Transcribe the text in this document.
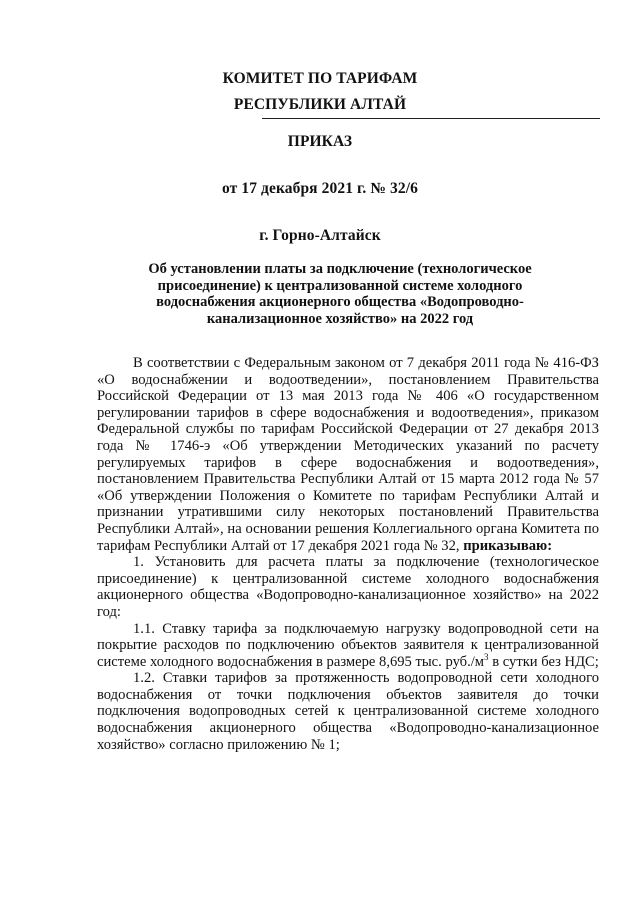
КОМИТЕТ ПО ТАРИФАМ
РЕСПУБЛИКИ АЛТАЙ
ПРИКАЗ
от 17 декабря 2021 г. № 32/6
г. Горно-Алтайск
Об установлении платы за подключение (технологическое присоединение) к централизованной системе холодного водоснабжения акционерного общества «Водопроводно-канализационное хозяйство» на 2022 год

В соответствии с Федеральным законом от 7 декабря 2011 года № 416-ФЗ «О водоснабжении и водоотведении», постановлением Правительства Российской Федерации от 13 мая 2013 года № 406 «О государственном регулировании тарифов в сфере водоснабжения и водоотведения», приказом Федеральной службы по тарифам Российской Федерации от 27 декабря 2013 года № 1746-э «Об утверждении Методических указаний по расчету регулируемых тарифов в сфере водоснабжения и водоотведения», постановлением Правительства Республики Алтай от 15 марта 2012 года № 57 «Об утверждении Положения о Комитете по тарифам Республики Алтай и признании утратившими силу некоторых постановлений Правительства Республики Алтай», на основании решения Коллегиального органа Комитета по тарифам Республики Алтай от 17 декабря 2021 года № 32, приказываю:

1. Установить для расчета платы за подключение (технологическое присоединение) к централизованной системе холодного водоснабжения акционерного общества «Водопроводно-канализационное хозяйство» на 2022 год:

1.1. Ставку тарифа за подключаемую нагрузку водопроводной сети на покрытие расходов по подключению объектов заявителя к централизованной системе холодного водоснабжения в размере 8,695 тыс. $руб./м^3$ в сутки без НДС;

1.2. Ставки тарифов за протяженность водопроводной сети холодного водоснабжения от точки подключения объектов заявителя до точки подключения водопроводных сетей к централизованной системе холодного водоснабжения акционерного общества «Водопроводно-канализационное хозяйство» согласно приложению № 1;
